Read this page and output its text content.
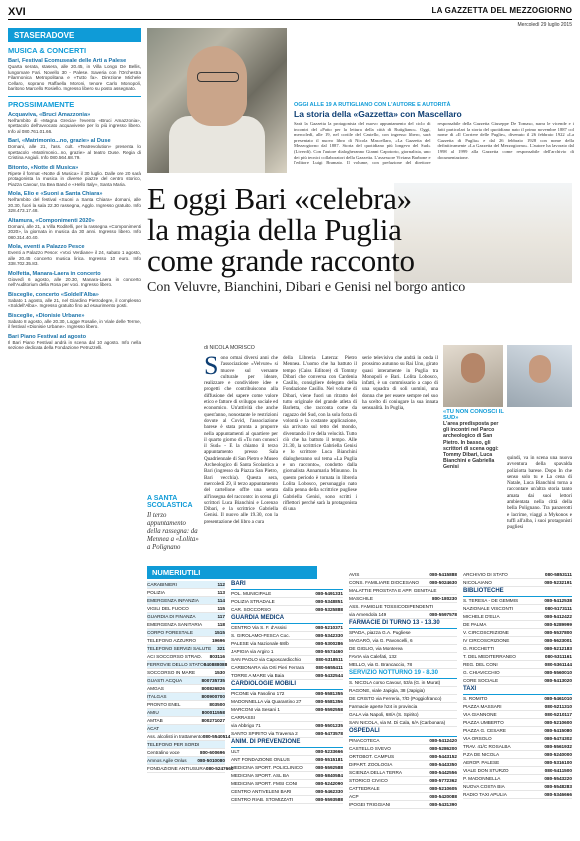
XVI	LA GAZZETTA DEL MEZZOGIORNO
Mercoledì 29 luglio 2015
STASERADOVE
MUSICA & CONCERTI
Bari, Festival Ecomuseale delle Arti a Palese

Quarta serata, stasera, alle 20.45, in Villa Longo De Bellis, lungomare Fari. Novello 30 - Palese. Saveria con l'Orchestra Filarmonica Metropolitana e «Tutto fa». Direzione Michele Cellaro, soprano Raffaella Moroni, tenore Carlo Monopoli, baritono Marcello Rosiello. Ingresso libero su posto assegnato.

PROSSIMAMENTE
Acquaviva, «Bruci Amazzonia»

Nell'ambito di «Magna Grecia» l'evento «Bruci Amazzonia», spettacolo dell'avvocato acquavivese per lo più ingresso libero. Info al 080.761.01.66.

Bari, «Matrimonio...no, grazie» al Duse

Domani, alle 21, l'ass. cult. «Teatrevolution» presenta lo spettacolo «Matrimonio...no, grazie» al teatro Duse. Regia di Cristina Angiuli. Info 080.564.68.79.

Bitonto, «Notte di Musica»

Ripete il format «Notte di Musica» il 30 luglio. Dalle ore 20 sarà protagonista la musica in diverse piazze del centro storico, Piazza Cavour, tra Bea Band e «Hello Italy», Santa Maria.

Mola, Elio e «Suoni a Santa Chiara»

Nell'ambito del festival «Suoni a Santa Chiara» domani, alle 20.30, fuori la sala 22.30 rassegna, Agglo. Ingresso gratuito. Info 328.473.17.48.

Altamura, «Componimenti 2020»

Domani, alle 21, a Villa Roditelli, per la rassegna «Componimenti 2020», la giornata in musica da 30 anni. Ingresso libero. Info 080.314.40.40.

Mola, eventi a Palazzo Pesce

Eventi a Palazzo Pesce: «Voci Verdiane» il 24, sabato 1 agosto, alle 20.45 concerto musica lirica. Ingresso 10 euro. Info 338.702.35.83.

Molfetta, Manara-Laera in concerto

Giovedì 6 agosto, alle 20.30, Manara-Laera in concerto nell'Auditorium della Rosa per voci. Ingresso libero.

Bisceglie, concerto «Soldell'Alba»

Sabato 1 agosto, alle 21, nel Giardino Pietrodegre, il complesso «Soldell'Alba». Ingresso gratuito fino ad esaurimento posti.

Bisceglie, «Dionisie Urbane»

Sabato 8 agosto, alle 20.30, Logge Rosalie, in Viale delle Terme, il festival «Dionisie Urbane». Ingresso libero.

Bari Piano Festival ad agosto

Il Bari Piano Festival andrà in scena dal 10 agosto. Info nella sezione dedicata della Fondazione Petruzzelli.

OGGI ALLE 19 A RUTIGLIANO CON L'AUTORE E AUTORITÀ
La storia della «Gazzetta» con Mascellaro
Sarà la Gazzetta la protagonista del nuovo appuntamento del ciclo di incontri del «Patto per la lettura della città di Rutigliano». Oggi, mercoledì, alle 19, nel cortile del Castello, con ingresso libero, sarà presentato il nuovo libro di Nicola Mascellaro, «La Gazzetta del Mezzogiorno dal 1887. Storia del quotidiano più longevo del Sud» (Liverdi). Con l'autore dialogheranno Gianni Capotorto, giornalista, uno dei più tecnici collaboratori della Gazzetta. L'assessore Viviana Barbone e l'editore Luigi Bramato. Il volume, con prefazione del direttore responsabile della Gazzetta Giuseppe De Tomaso, narra le vicende e i fatti particolari la storia del quotidiano nato il primo novembre 1887 col nome di «Il Corriere delle Puglie», divenuto il 26 febbraio 1922 «La Gazzetta di Puglia» e dal 26 febbraio 1928 con nome della definitivamente «La Gazzetta del Mezzogiorno». L'autore ha lavorato dal 1998 al 1999 alla Gazzetta come responsabile dell'archivio di documentazione.
E oggi Bari «celebra»
la magia della Puglia
come grande racconto
Con Veluvre, Bianchini, Dibari e Genisi nel borgo antico
A SANTA SCOLASTICA
Il terzo appuntamento della rassegna: da Mennea a «Lolita» a Polignano
di NICOLA MORISCO
Sono ormai diversi anni che l'associazione «Velvure» si muove sul versante culturale per ideare, realizzare e condividere idee e progetti che contribuiscono alla diffusione del sapere come valore etico e fattore di sviluppo sociale ed economico. Un'attività che anche quest'anno, nonostante le restrizioni dovute al Covid, l'associazione barese è stata pronta a proporre nella appuntamenti al quartiere per il quarto giorno di «Tu non conosci il Sud» - E la chiamo il terzo appuntamento presso Sala Quadriennale di San Pietro e Museo Archeologico di Santa Scolastica a Bari (ingresso da Piazza San Pietro, Bari vecchia). Questa sera, mercoledì 29, il terzo appuntamento del cartellone offre una serata all'insegna del racconto: in scena gli scrittori Luca Bianchini e Lorenzo Dibari, e la scrittrice Gabriella Genisi. Il nuovo alle 19.30, con la presentazione del libro a cura
della Libreria Laterza: Pietro Mennea. L'uomo che ha battuto il tempo (Caiss Editore) di Tommy Dibari che conversa con Cardenia Casillo, consigliere delegato della Fondazione Casillo. Nel volume di Dibari, viene fuori un ritratto del tutto originale del grande atleta di Barletta, che racconta come da ragazzo del Sud, con la sola forza di volontà e la costante applicazione, sia arrivato sul tetto del mondo, diventando il re della velocità. Tutto ciò che ha battuto il tempo. Alle 21.30, la scrittrice Gabriella Genisi e lo scrittore Luca Bianchini dialogheranno sul tema «La Puglia e un racconto», condotto dalla giornalista Annamaria Minunno. In questo periodo è tornata in libreria Lolita Lobosco, personaggio nato dalla penna della scrittrice pugliese Gabriella Genisi, sono scritti i riflettori perché sarà la protagonista di una
serie televisiva che andrà in onda il prossimo autunno su Rai Uno, girato quasi interamente in Puglia tra Monopoli e Bari. Lolita Lobosco, infatti, è un commissario a capo di una squadra di soli uomini, una donna che per essere sempre nel suo ha scelto di coniugare la sua innata sensualità. In Puglia,
«TU NON CONOSCI IL SUD»
L'area predisposta per gli incontri nel Parco archeologico di San Pietro. In basso, gli scrittori di scena oggi: Tommy Dibari, Luca Bianchini e Gabriella Genisi
quindi, va in scena una nuova avventura della spavalda poliziotta barese. Dopo In che senso solo tu e La cena di Natale, Luca Bianchini torna a raccontare un'altra storia tanto amata dai suoi lettori ambientata nella città della bella Polignano. Tra panzerotti e lacrime, viaggi a Mykonos e tuffi all'alba, i suoi protagonisti pugliesi
NUMERIUTILI
CARABINIERI	112
POLIZIA	113
EMERGENZA INFANZIA	114
VIGILI DEL FUOCO	115
GUARDIA DI FINANZA	117
EMERGENZA SANITARIA	118
CORPO FORESTALE	1515
TELEFONO AZZURRO	19696
TELEFONO SERVIZI SALUTE 321
ACI SOCCORSO STRAD. 803116
FERROVIE DELLO STATO 840888088
SOCCORSO IN MARE	1530
GUASTI ACQUA	800735735
AMGAS	800826826
ITALGAS	800900700
PRONTO ENEL	803500
AMIU	800011558
AMTAB	800271027
ACAT
Ass. alcolisti in trattamento 080-5540514
TELEFONO PER SORDI
Centralino voce	800-600696
Amnos Agile Onlus 080-5010080
FONDAZIONE ANTIUSURA 080-5247660
BARI
POL. MUNICIPALE	080-5491331
POLIZIA STRADALE	080-5348851
CAR. SOCCORSO	080-5325888
GUARDIA MEDICA
CENTRO Via S. F. d'Assisi	080-5210371
S. GIROLAMO-FESCA Coc.	080-5342330
PALESE via Nazionale 68/b	080-5300286
JAPIGIA via Argiro 1	080-5574460
SAN PAOLO via Caposcardicchio	080-5318511
CARBONARA via Orti Pieri Ferrara 080-5655411
TORRE A MARE via Baia	080-5432544
CARDIOLOGIE MOBILI
PICONE via Fasolino 172	080-5581355
MADONNELLA via Quarantino 27	080-5581356
MARCONI via Sesani 1	080-5592558
CARRASSI
via Abbrigo 71	080-5501235
SANTO SPIRITO via Traversa 2	080-5473578
ANIM. DI PREVENZIONE
ULT	080-5233666
ANT FONDAZIONE ONLUS	080-5515181
MEDICINA SPORT. POLICLINICO	080-5592588
MEDICINA SPORT. ASL BA	080-5840584
MEDICINA SPORT. FMSI CONI	080-5242090
CENTRO ANTIVELENI BARI	080-5462330
CENTRO RIAB. STOMIZZATI	080-5593588
AVIS	080-5415888
CONS. FAMILIARE DIOCESANO 080-5024630
MALATTIE PROSTATA E APP. GENITALE
MASCHILE	800-180230
ASS. FAMIGLIE TOSSICODIPENDENTI
via Amendola 149	080-5597578
FARMACIE DI TURNO 13 - 13.30
SPADA, piazza G.A. Pugliese
MAGARÒ, via G. Pavoncelli, 6
DE GIGLIO, via Monterea
FAVIA via Calefati, 132
MELLO, via G. Brancaccio, 78
SERVIZIO NOTTURNO 19 - 8.30
S. NICOLA corso Cavour, 53/a (G. in Murat)
RAGONE, viale Japigia, 38 (Japigia)
DE CRISTO via Ferreria, 7/D (Poggiofranco)
Farmacie aperte h24 in provincia
GALA via Napoli, 68/A (S. Spirito)
SAN NICOLA, via M. Di Cala, 6/A (Carbonara)
OSPEDALI
PINACOTECA	080-5412420
CASTELLO SVEVO	080-5286200
ORTOBOT. CAMPUS	080-5443152
DIPART. ZOOLOGIA	080-5443350
SCIENZA DELLA TERRA	080-5442556
STORICO CIVICO	080-5772362
CATTEDRALE	080-5210605
ACP	080-5420088
IPOGEI TRIGGIANI	080-5431390
ARCHIVIO DI STATO	080-5853111
NICOLAIANO	080-5232191
BIBLIOTECHE
S. TERESA - DE GEMMIS	080-5412538
NAZIONALE VISCONTI	080-5173111
MICHELE D'ELIA	080-5412422
DE PALMA	080-5289999
V. CIRCOSCRIZIONE	080-5537800
IV CIRCOSCRIZIONE	080-5623001
G. RICCHETTI	080-5212183
T. DEL MEDITERRANEO	080-5311161
REG. DEL CONI	080-5361144
G. CHIAVICCHIO	080-5560010
CORE SOCIALE	080-5413020
TAXI
S. ROMITO	080-5461010
PIAZZA MASSARI	080-5211310
VIA GIANNONE	080-5210117
PIAZZA UMBERTO	080-5210600
PIAZZA G. CESARE	080-5415080
VIA ORSOLO	080-5474302
TRAV. 41/C ROSALBA	080-5561932
P.ZA DE NICOLA	080-5240000
AEROP. PALESE	080-5316100
VIALE DON STURZO	080-5411500
P. MADONNELLA	080-5543220
NUOVA COSTA BIA	080-5548283
RADIO TAXI APULIA	080-5346666
